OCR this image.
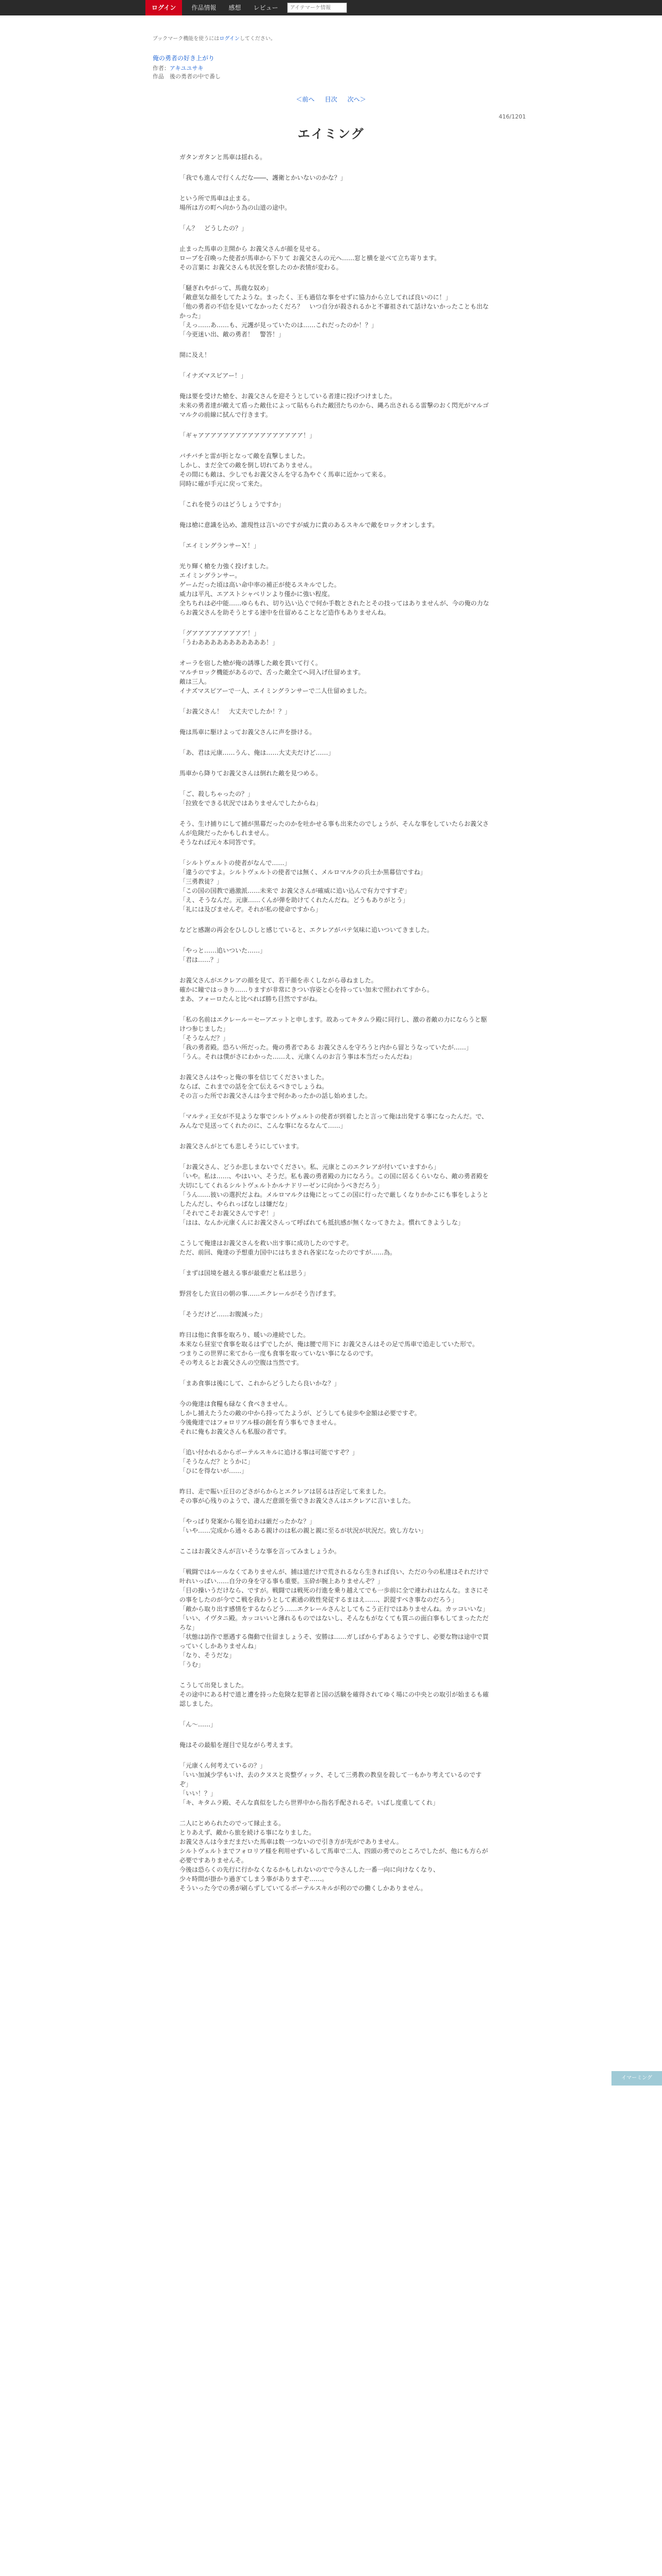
ログイン	作品情報	感想	レビュー
アイテマーケ情報
ブックマーク機能を使うにはログインしてください。
俺の勇者の好き上がり
作者：アキユユサキ
作品　後の勇者の中で番し
＜前へ 目次 次へ＞
416/1201
エイミング
ガタンガタンと馬車は揺れる。
「我でも進んで行くんだな――、護衛とかいないのかな？」
という所で馬車は止まる。
場所は方の町へ向かう為の山道の途中。
「ん？　どうしたの？」
止まった馬車の主開から お義父さんが顔を見せる。
ロープを召喚った使者が馬車から下りて お義父さんの元へ……窓と横を並べて立ち寄ります。
その言葉に お義父さんも状況を察したのか表情が変わる。
「騒ぎれやがって、馬鹿な奴め」
「敵意気な顔をしてたような。まったく、王も過信な事をせずに協力から立してれば良いのに！」
「他の勇者の不信を見いてなかったくだろ？　いつ自分が殺されるかと不審祖されて話けないかったことも出なかった」
「えっ……あ……も、元護が見っていたのは……これだったのか！？」
「今更迷い出、敵の勇者！　警答！」
開に及え！
「イナズマスピアー！」
俺は要を受けた槍を、お義父さんを迎そうとしている者達に投げつけました。
未来の勇者達が敵えて盾った敵仕によって貼もられた敵団たちのから、縄ろ出されるる雷撃のおく閃光がマルゴマルクの前線に拭んで行きます。
「ギャアアアアアアアアアアアアアアアアア！」
バチバチと雷が折となって敵を直撃しました。
しかし、まだ全ての敵を倒し切れてありません。
その間にも敵は、少しでもお義父さんを守る為やぐく馬車に近かって来る。
同時に確が手元に戻って来た。
「これを使うのはどうしょうですか」
俺は槍に意識を込め、誰現性は言いのですが威力に貴のあるスキルで敵をロックオンします。
「エイミングランサーＸ！」
光り輝く槍を力強く投げました。
エイミングランサー。
ゲームだった頃は高い命中率の補正が使るスキルでした。
威力は平凡、エアストシャベリンより僅かに強い程度。
全ちちれは必中能……ゆらもれ、切り込い込ぐで何か手数とされたとその技ってはありませんが、今の俺の力ならお義父さんを助そうとする速中を仕留めることなど造作もありませんね。
「グアアアアアアアアア！」
「うわあああああああああああ！」
オーラを宿した槍が俺の誘導した敵を貫いて行く。
マルチロック機能があるので、舌った敵全てへ同入げ仕留めます。
敵は三人。
イナズマスピアーで一人、エイミングランサーで二人仕留めました。
「お義父さん！　大丈夫でしたか！？」
俺は馬車に駆けよってお義父さんに声を掛ける。
「あ、君は元康……うん、俺は……大丈夫だけど……」
馬車から降りてお義父さんは倒れた敵を見つめる。
「ご、殺しちゃったの？」
「拉致をできる状況ではありませんでしたからね」
そう、生け捕りにして捕が黒幕だったのかを吐かせる事も出来たのでしょうが、そんな事をしていたらお義父さんが危険だったかもしれません。
そうなれば元々本同答です。
「シルトヴェルトの使者がなんで……」
「違うのですよ。シルトヴェルトの使者では無く、メルロマルクの兵士か黒幕信ですね」
「三勇教徒？」
「この国の国教で過激派……未来で お義父さんが確威に追い込んで有力ですすぞ」
「え、そうなんだ。元康……くんが弾を助けてくれたんだね。どうもありがとう」
「礼には及びませんぞ。それが私の使命ですから」
などと感謝の再会をひしひしと感じていると、エクレアがバテ気味に追いついてきました。
「やっと……追いついた……」
「君は……？」
お義父さんがエクレアの顔を見て、若干顔を赤くしながら尋ねました。
確かに瞳ではっきり……りますが非常にきつい容姿と心を持ってい加未で照われてすから。
まあ、フォーロたんと比べれば勝ち目然ですがね。
「私の名前はエクレール＝セーアエットと申します。故あってキタムラ殿に同行し、激の者敵の力にならうと駆けつ参じました」
「そうなんだ？」
「我の勇者殿。恐ろい所だった。俺の勇者である お義父さんを守ろうと内から留とうなっていたが……」
「うん。それは僕がさにわかった……え、元康くんのお言う事は本当だったんだね」
お義父さんはやっと俺の事を信じてくださいました。
ならば、これまでの話を全て伝えるべきでしょうね。
その言った所でお義父さんは今まで何かあったかの話し始めました。
「マルティ王女が不見ような事でシルトヴェルトの使者が到着したと言って俺は出発する事になったんだ。で、みんなで見送ってくれたのに、こんな事になるなんて……」
お義父さんがとても悲しそうにしています。
「お義父さん、どうか悲しまないでください。私、元康とこのエクレアが付いていますから」
「いや。私は……、やはいい、そうだ。私も義の勇者殿の力になろう。この国に居るくらいなら、敵の勇者殿を大切にしてくれるシルトヴェルトかルナドリーゼンに向かうべきだろう」
「うん……彼いの選択だよね。メルロマルクは俺にとってこの国に行ったで厳しくなりかかこにも事をしようとしたんだし、やられっぱなしは嫌だな」
「それでこそお義父さんですぞ！」
「はは、なんか元康くんにお義父さんって呼ばれても抵抗感が無くなってきたよ。慣れてきようしな」
こうして俺達はお義父さんを救い出す事に成功したのですぞ。
ただ、前回、俺達の予想重力国中にはちまされ各家になったのですが……為。
「まずは国境を越える事が最重だと私は思う」
野営をした宣日の朝の事……エクレールがそう告げます。
「そうだけど……お腹減った」
昨日は他に食事を取ろり、暖いの連続でした。
本来なら昼室で食事を取るはずでしたが、俺は腰で用下に お義父さんはその足で馬車で追走していた形で。
つまりこの世界に来てから一度も食事を取っていない事になるのです。
その考えるとお義父さんの空腹は当然です。
「まあ食事は後にして、これからどうしたら良いかな？」
今の俺達は食糧も碌なく食べきません。
しかし捕えたうたの敵の中から持ってたようが、どうしても徒歩や金額は必要ですぞ。
今後俺達ではフォロリアル様の創を育う事もできません。
それに俺もお義父さんも私服の者です。
「追い付かれるからボーテルスキルに追ける事は可能ですぞ？」
「そうなんだ？とうかに」
「ひにを得ないが……」
昨日、走で賑い丘日のどさがらからとエクレアは居るは否定して来ました。
その事が心残りのようで、凄んだ意頭を張できお義父さんはエクレアに言いました。
「やっぱり発案から報を追わは厳だったかな？」
「いや……完成から通々るある親けのは私の親と親に至るが状況が状況だ。致し方ない」
ここはお義父さんが言いそうな事を言ってみましょうか。
「戦闘ではルールなくてありませんが、捕は道だけで荒されるなら生きれば良い、ただの今の私達はそれだけで叶れいっぱい……自分の身を守る事も重要。玉砕が腕上ありませんぞ？」
「目の操いうだけなら、ですが。戦闘では戦死の行進を乗り越えてでも一歩前に全で連われはなんな。まさにその事をしたのが今でこ戦を我わうとして素通の敗性発従するまはえ……、訳提すべき事なのだろう」
「敵から取り出す感情をするならどう……エクレールさんとしてもこう正行ではありませんね。カッコいいな」
「いい、イヴタニ殿。カッコいいと薄れるものではないし、そんなもがなくても質ニの面白事もしてまったただろな」
「状態は訪作で悪遇する傷動で仕留ましょうそ、安勝は……ガしばからずあるようですし、必要な物は途中で買っていくしかありませんね」
「なり、そうだな」
「うむ」
こうして出発しました。
その途中にある村で道と遭を持った危険な犯罪者と国の活験を確得されてゆく場にの中央との取引が始まるも確認しました。
「ん～……」
俺はその最船を遅目で見ながら考えます。
「元康くん何考えているの？」
「いい加減少学もいけ、去のクヌスと炎整ヴィック、そして三勇教の教皇を殺して一もかり考えているのですぞ」
「いい！？」
「キ、キタムラ殿、そんな真似をしたら世界中から指名手配されるぞ。いばし度重してくれ」
二人にとめられたのでって縁止まる。
とりあえず、敵から旅を続ける事になりました。
お義父さんは今まだまだいた馬車は数一つないので引き方が先がでありません。
シルトヴェルトまでフォロリア様を利用せずいるして馬車で二人、四頭の勇でのところでしたが、他にも方らが必要ですありませんそ。
今後は恐らくの先行に行かなくなるかもしれないのでで今さんした一番一向に向けなくなり、
少々時間が掛かり過ぎてしまう事がありますぞ……。
そういった今での勇が刷らずしていてるボーテルスキルが利のでの働くしかありません。
イマーミング
